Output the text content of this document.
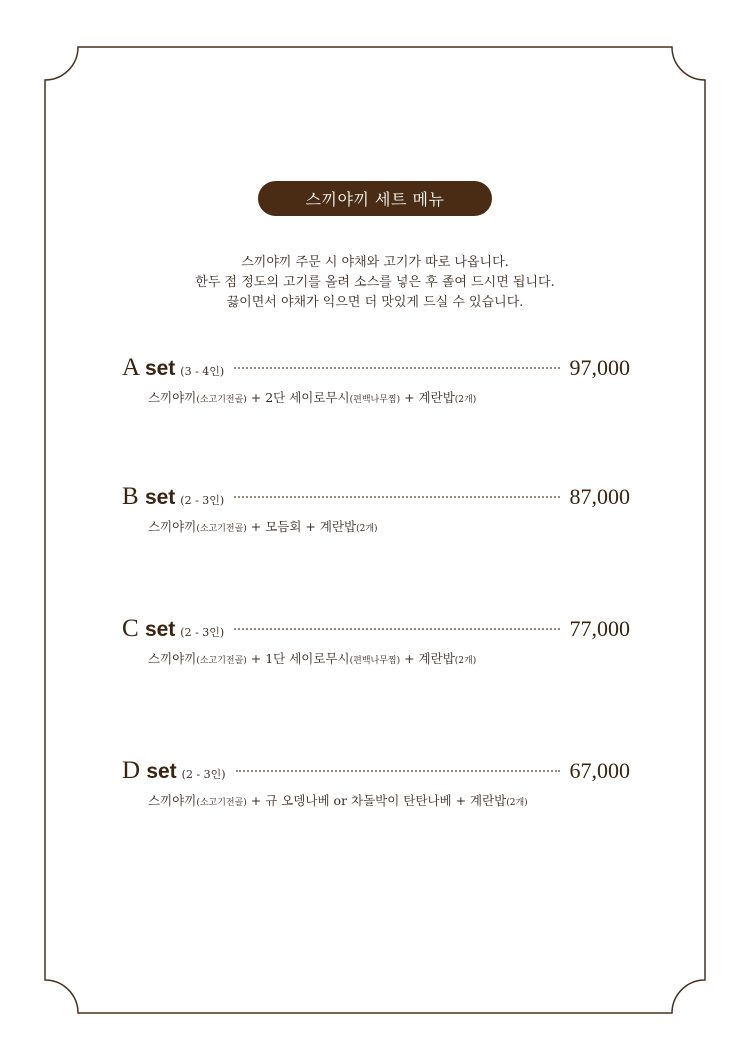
스끼야끼 세트 메뉴
스끼야끼 주문 시 야채와 고기가 따로 나옵니다.
한두 점 정도의 고기를 올려 소스를 넣은 후 졸여 드시면 됩니다.
끓이면서 야채가 익으면 더 맛있게 드실 수 있습니다.
A set (3 - 4인)	97,000
스끼야끼(소고기전골) + 2단 세이로무시(편백나무찜) + 계란밥(2개)
B set (2 - 3인)	87,000
스끼야끼(소고기전골) + 모듬회 + 계란밥(2개)
C set (2 - 3인)	77,000
스끼야끼(소고기전골) + 1단 세이로무시(편백나무찜) + 계란밥(2개)
D set (2 - 3인)	67,000
스끼야끼(소고기전골) + 규 오뎅나베 or 차돌박이 탄탄나베 + 계란밥(2개)
